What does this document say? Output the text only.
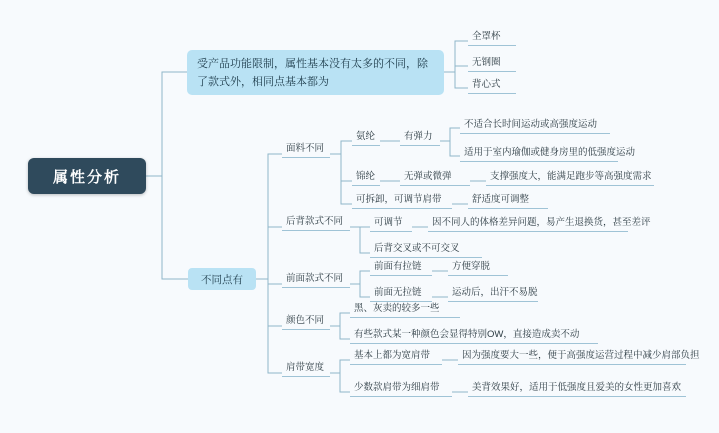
属性分析
受产品功能限制，属性基本没有太多的不同，除了款式外，相同点基本都为
全罩杯
无钢圈
背心式
不同点有
面料不同
氨纶	有弹力
不适合长时间运动或高强度运动
适用于室内瑜伽或健身房里的低强度运动
锦纶	无弹或微弹	支撑强度大，能满足跑步等高强度需求
可拆卸，可调节肩带	舒适度可调整
后背款式不同	可调节	因不同人的体格差异问题，易产生退换货，甚至差评
后背交叉或不可交叉
前面款式不同
前面有拉链	方便穿脱
前面无拉链	运动后，出汗不易脱
颜色不同
黑、灰卖的较多一些
有些款式某一种颜色会显得特别OW，直接造成卖不动
肩带宽度
基本上都为宽肩带	因为强度要大一些，便于高强度运营过程中减少肩部负担
少数款肩带为细肩带	美背效果好，适用于低强度且爱美的女性更加喜欢
